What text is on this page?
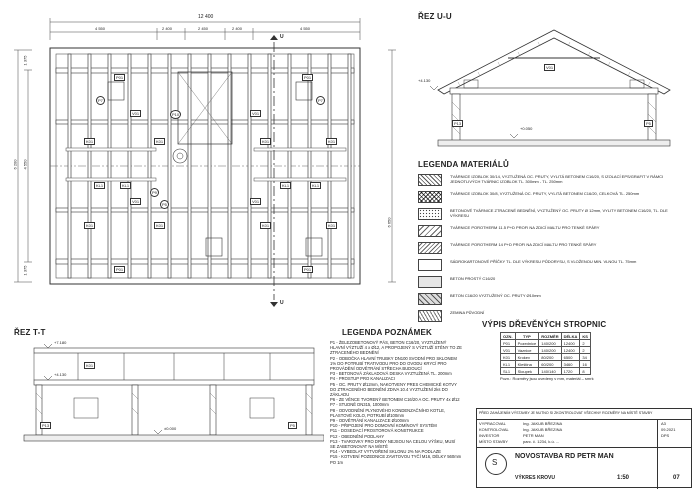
12 400
4 550	2 400	2 450	2 400	4 550
6 200
1 375
4 550
1 375
6 650
U
U
P01	P01
P01	P01
K01	K01	K01	K01
K01	K01	K01	K01
KL1	KL1	KL1	KL1
V01	V01
V01	V01
P7	P7
P9
P10
P5
ŘEZ U-U
+4.130
+0.050
P13	P5
V01
LEGENDA MATERIÁLŮ
TVÁRNICE IZOBLOK 30/14, VYZTUŽENÁ OC. PRUTY, VYLITÁ BETONEM C16/20, S IZOLACÍ EPS/GRAFIT V RÁMCI JEDNOTLIVÝCH TVÁRNIC IZOBLOK TL. 300mm - TL. 250mm
TVÁRNICE IZOBLOK 30/8, VYZTUŽENÁ OC. PRUTY, VYLITÁ BETONEM C16/20, CELKOVÁ TL. 250mm
BETONOVÉ TVÁRNICE ZTRACENÉ BEDNĚNÍ, VYZTUŽENÝ OC. PRUTY Ø 12mm, VYLITY BETONEM C16/20, TL. DLE VÝKRESU
TVÁRNICE POROTHERM 11.5 P+D PROFI NA ZDICÍ MALTU PRO TENKÉ SPÁRY
TVÁRNICE POROTHERM 14 P+D PROFI NA ZDICÍ MALTU PRO TENKÉ SPÁRY
SÁDROKARTONOVÉ PŘÍČKY TL. DLE VÝKRESU PŮDORYSU, S VLOŽENOU MIN. VLNOU TL. 75mm
BETON PROSTÝ C16/20
BETON C16/20 VYZTUŽENÝ OC. PRUTY Ø10mm
ZEMINA PŮVODNÍ
ŘEZ T-T
+7.180
+4.130
±0.000
K01
P13	P5
LEGENDA POZNÁMEK

P1 - ŽELEZOBETONOVÝ PÁS, BETON C16/20, VYZTUŽENÝ HLAVNÍ VÝZTUŽÍ 4 x Ø12, A PROPOJENÝ S VÝZTUŽÍ STĚNY TO ZE ZTRACENÉHO BEDNĚNÍ

P2 - ODBOČKA HLAVNÍ TRUBKY DN100 SVODNÍ PRO SKLONEM 1% DO POTRUBÍ TRATIVODU PRO DO OVODU KRYCÍ PRO PROVÁDĚNÍ ODVĚTRÁNÍ STŘECHA BUDOUCÍ

P3 - BETONOVÁ ZÁKLADOVÁ DESKA VYZTUŽENÁ TL. 200mm

P4 - PROSTUP PRO KANALIZACI

P5 - OC. PRUTY Ø12mm, NAKOTVENY PRES CHEMICKÉ KOTVY DO ZTRACENÉHO BEDNĚNÍ ZDIVA 10.4 VYZTUŽENÍ 2ks DO ZÁKLADU

P6 - ZE VĚNCE TVORENÝ BETONEM C16/20 A OC. PRUTY 4x Ø12

P7 - STUDNĚ DN315, 1000mm

P8 - ODVODNĚNÍ PLYNOVÉHO KONDENZAČNÍHO KOTLE, PLASTOVÉ KOLO, POTRUBÍ Ø100mm

P9 - ODVĚTRÁNÍ KANALIZACE Ø100mm

P10 - PŘIPOJENÍ PRO DOMOVNÍ KOMÍNOVÝ SYSTÉM

P11 - DOSEDACÍ PROSTOROVÁ KONSTRUKCE

P12 - OBEDNĚNÍ PODLAHY

P13 - TVAROVKY PRO DRNY NEJSOU NA CELOU VÝŠKU, MUSÍ SE ZABETONOVAT NA MÍSTĚ

P14 - VYBEDLAT VYTVOŘENÍ SKLONU 2% NA PODLAZE

P15 - KOTVENÍ POZEDNICE ZAVITOVOU TYČÍ M16, DÉLKY 560mm PO 1m

VÝPIS DŘEVĚNÝCH STROPNIC
OZN.	TYP	ROZMĚR	DÉLKA	KS
P01	Pozednice	140/200	12400	2
V01	Vaznice	140/200	12400	2
K01	Krokev	80/200	6500	34
KL1	Kleština	60/200	3460	16
SL1	Sloupek	140/140	1720	8
Pozn.: Rozměry jsou uvedeny v mm, materiál – smrk
PŘED ZAHÁJENÍM VÝSTAVBY JE NUTNO SI ZKONTROLOVAT VŠECHNY ROZMĚRY NA MÍSTĚ STAVBY
VYPRACOVAL	Ing. JAKUB BŘEZINA
KONTROLOVAL	Ing. JAKUB BŘEZINA
INVESTOR	PETR MAN
MÍSTO STAVBY	parc. č. 1234, k.ú. ...
A3
09.2021
DPS
S
NOVOSTAVBA RD PETR MAN
VÝKRES KROVU	1:50	07
